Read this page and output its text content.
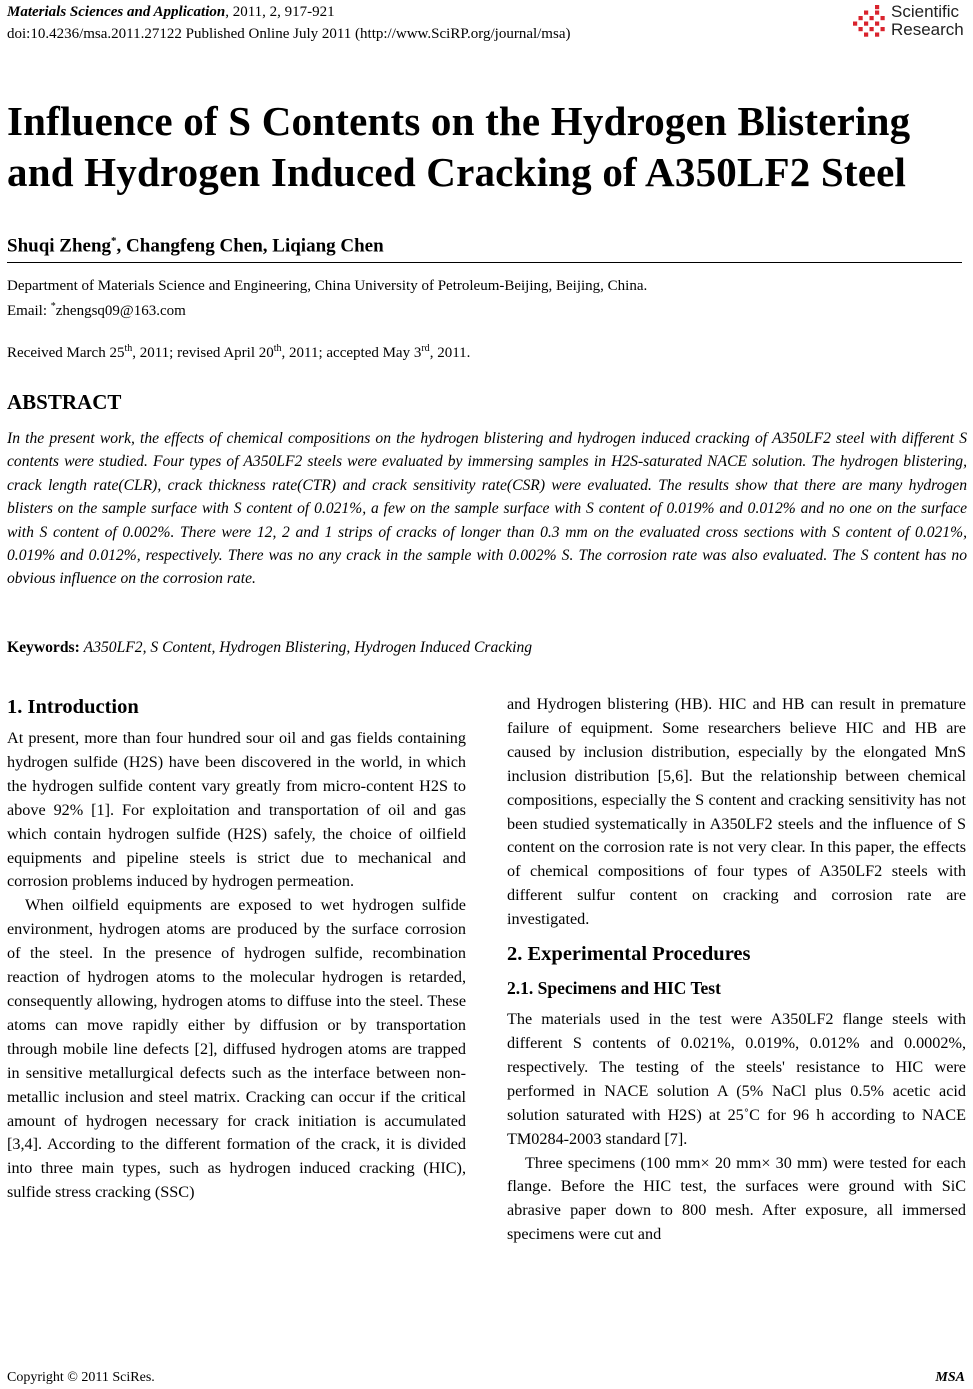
Materials Sciences and Application, 2011, 2, 917-921
doi:10.4236/msa.2011.27122 Published Online July 2011 (http://www.SciRP.org/journal/msa)
Scientific
Research
Influence of S Contents on the Hydrogen Blistering and Hydrogen Induced Cracking of A350LF2 Steel
Shuqi Zheng*, Changfeng Chen, Liqiang Chen
Department of Materials Science and Engineering, China University of Petroleum-Beijing, Beijing, China.
Email: *zhengsq09@163.com
Received March 25th, 2011; revised April 20th, 2011; accepted May 3rd, 2011.
ABSTRACT

In the present work, the effects of chemical compositions on the hydrogen blistering and hydrogen induced cracking of A350LF2 steel with different S contents were studied. Four types of A350LF2 steels were evaluated by immersing samples in H2S-saturated NACE solution. The hydrogen blistering, crack length rate(CLR), crack thickness rate(CTR) and crack sensitivity rate(CSR) were evaluated. The results show that there are many hydrogen blisters on the sample surface with S content of 0.021%, a few on the sample surface with S content of 0.019% and 0.012% and no one on the surface with S content of 0.002%. There were 12, 2 and 1 strips of cracks of longer than 0.3 mm on the evaluated cross sections with S content of 0.021%, 0.019% and 0.012%, respectively. There was no any crack in the sample with 0.002% S. The corrosion rate was also evaluated. The S content has no obvious influence on the corrosion rate.

Keywords: A350LF2, S Content, Hydrogen Blistering, Hydrogen Induced Cracking
1. Introduction

At present, more than four hundred sour oil and gas fields containing hydrogen sulfide (H2S) have been discovered in the world, in which the hydrogen sulfide content vary greatly from micro-content H2S to above 92% [1]. For exploitation and transportation of oil and gas which contain hydrogen sulfide (H2S) safely, the choice of oilfield equipments and pipeline steels is strict due to mechanical and corrosion problems induced by hydrogen permeation.

When oilfield equipments are exposed to wet hydrogen sulfide environment, hydrogen atoms are produced by the surface corrosion of the steel. In the presence of hydrogen sulfide, recombination reaction of hydrogen atoms to the molecular hydrogen is retarded, consequently allowing, hydrogen atoms to diffuse into the steel. These atoms can move rapidly either by diffusion or by transportation through mobile line defects [2], diffused hydrogen atoms are trapped in sensitive metallurgical defects such as the interface between non-metallic inclusion and steel matrix. Cracking can occur if the critical amount of hydrogen necessary for crack initiation is accumulated [3,4]. According to the different formation of the crack, it is divided into three main types, such as hydrogen induced cracking (HIC), sulfide stress cracking (SSC)

and Hydrogen blistering (HB). HIC and HB can result in premature failure of equipment. Some researchers believe HIC and HB are caused by inclusion distribution, especially by the elongated MnS inclusion distribution [5,6]. But the relationship between chemical compositions, especially the S content and cracking sensitivity has not been studied systematically in A350LF2 steels and the influence of S content on the corrosion rate is not very clear. In this paper, the effects of chemical compositions of four types of A350LF2 steels with different sulfur content on cracking and corrosion rate are investigated.

2. Experimental Procedures
2.1. Specimens and HIC Test

The materials used in the test were A350LF2 flange steels with different S contents of 0.021%, 0.019%, 0.012% and 0.0002%, respectively. The testing of the steels' resistance to HIC were performed in NACE solution A (5% NaCl plus 0.5% acetic acid solution saturated with H2S) at 25˚C for 96 h according to NACE TM0284-2003 standard [7].

Three specimens (100 mm× 20 mm× 30 mm) were tested for each flange. Before the HIC test, the surfaces were ground with SiC abrasive paper down to 800 mesh. After exposure, all immersed specimens were cut and

Copyright © 2011 SciRes.	MSA
